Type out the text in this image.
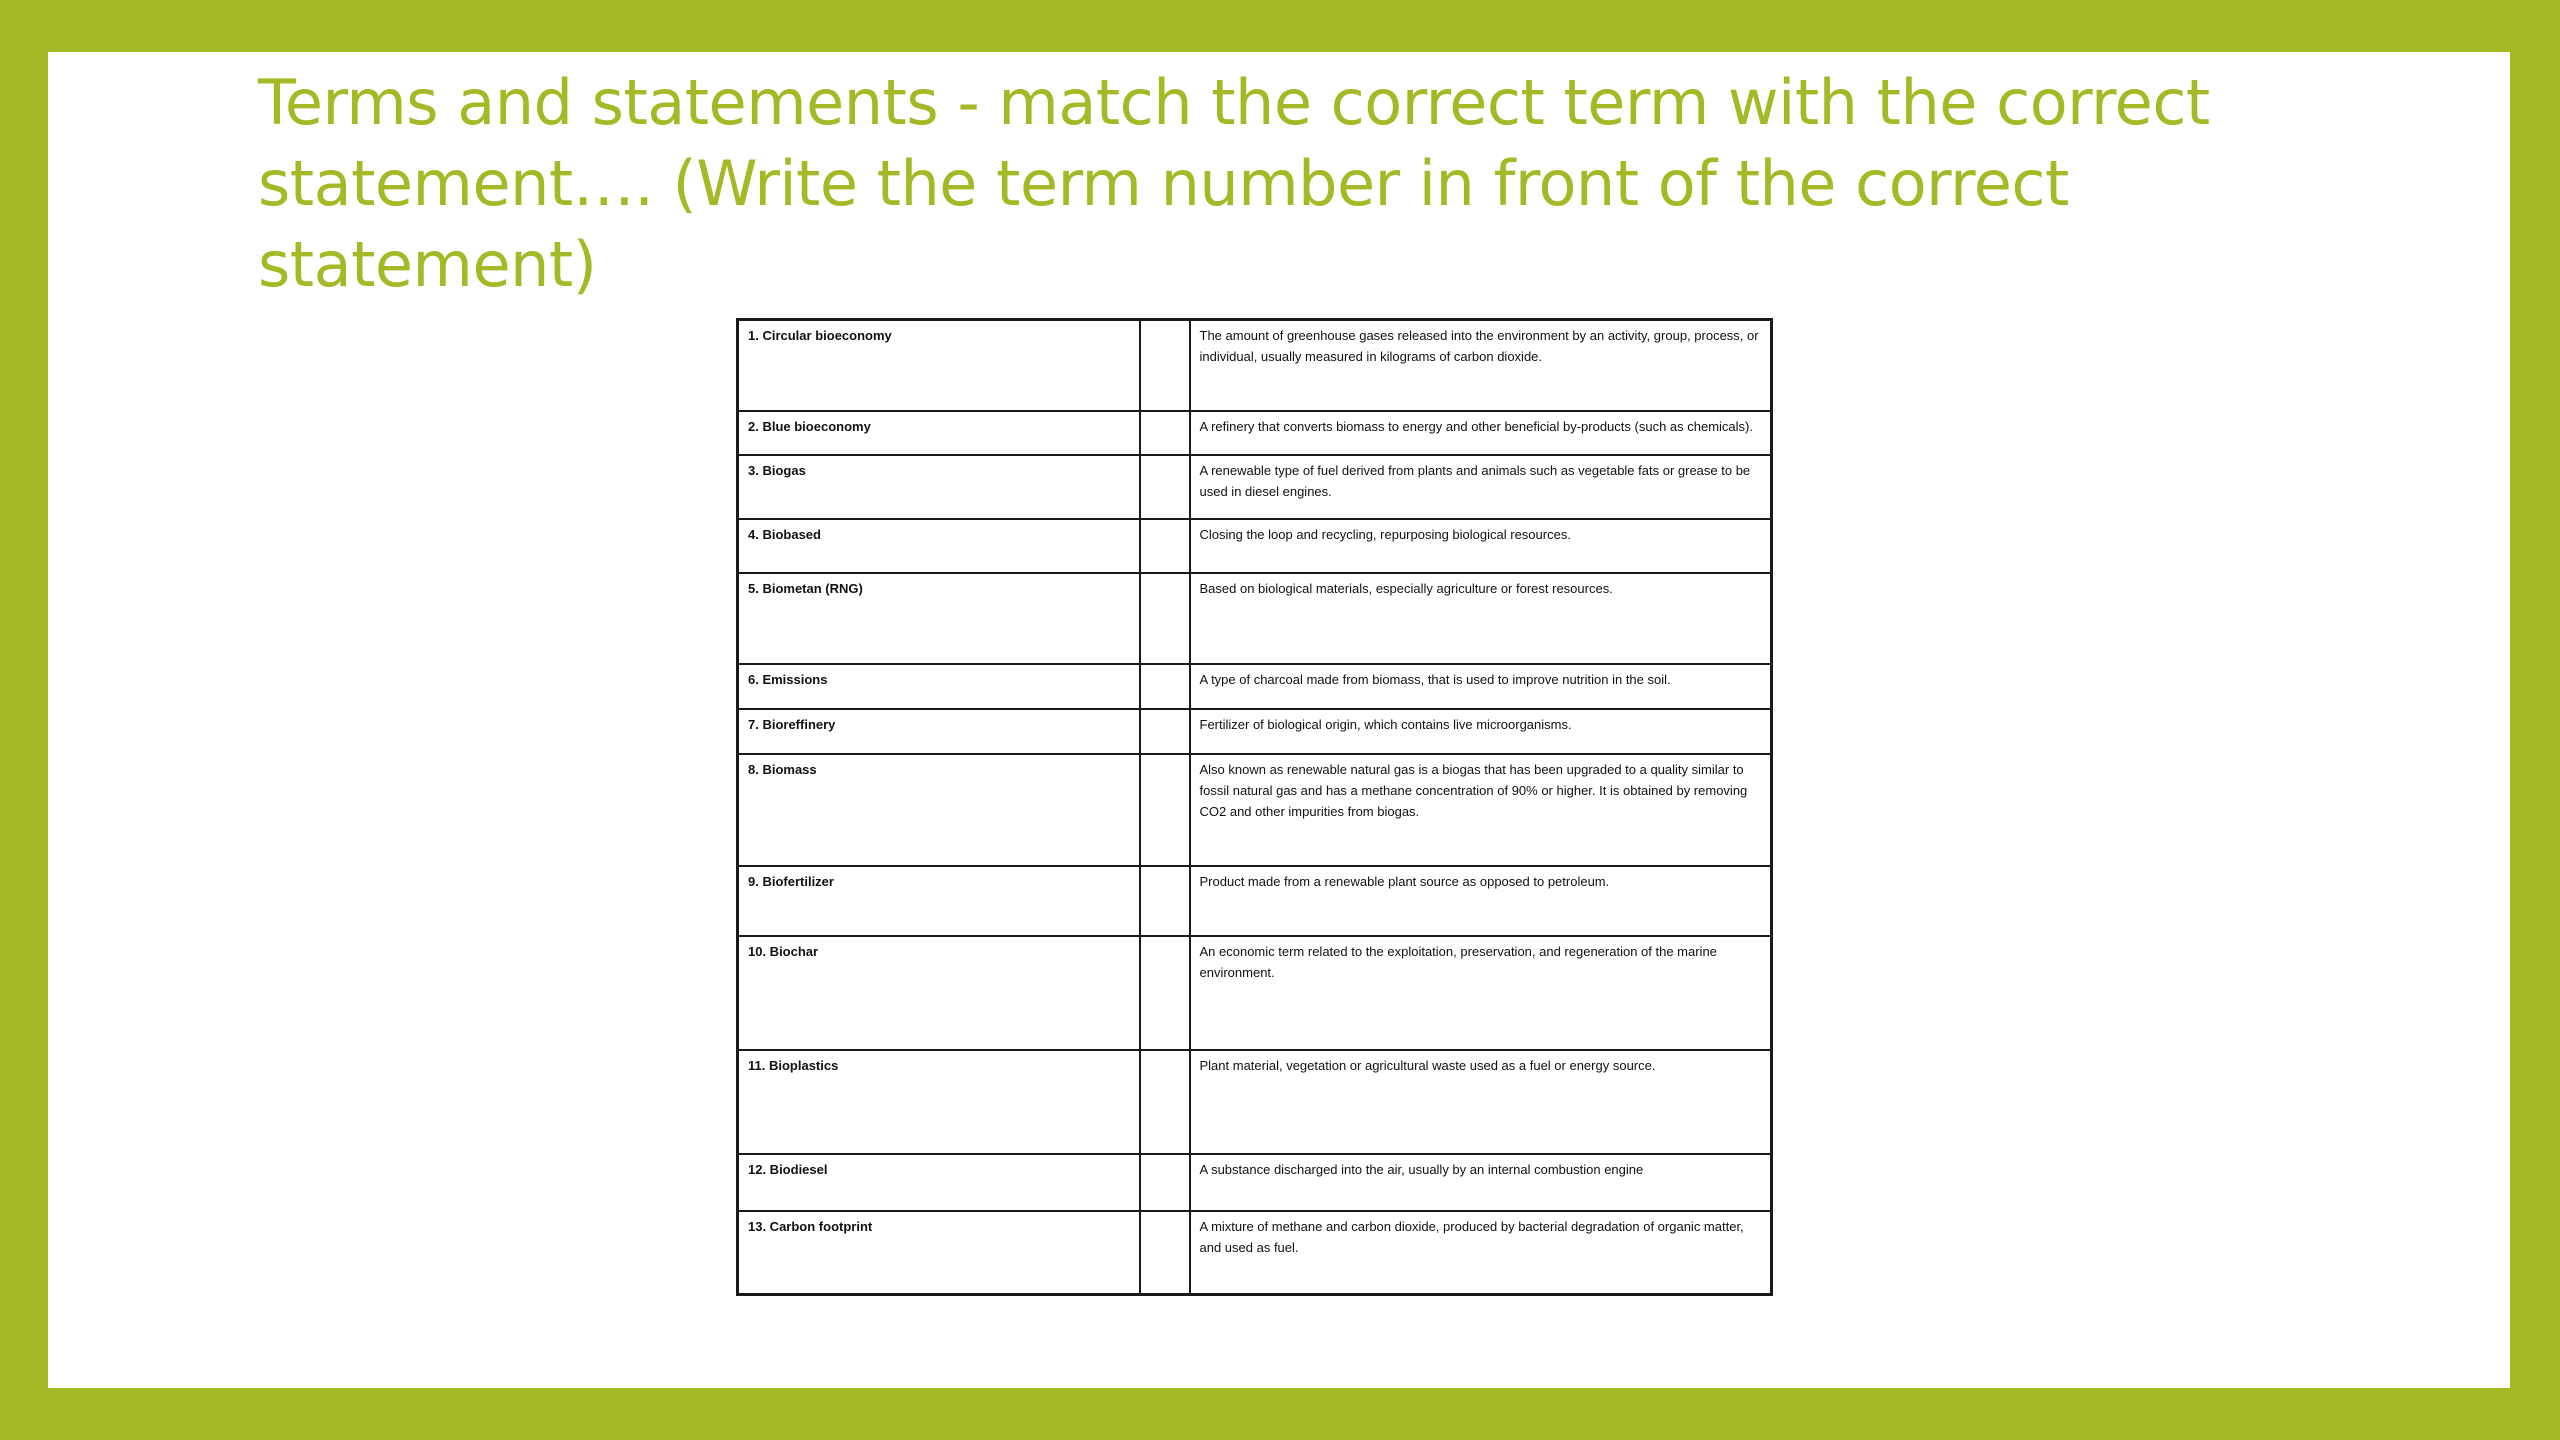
Terms and statements - match the correct term with the correct statement…. (Write the term number in front of the correct statement)
1. Circular bioeconomy		The amount of greenhouse gases released into the environment by an activity, group, process, or individual, usually measured in kilograms of carbon dioxide.
2. Blue bioeconomy		A refinery that converts biomass to energy and other beneficial by-products (such as chemicals).
3. Biogas		A renewable type of fuel derived from plants and animals such as vegetable fats or grease to be used in diesel engines.
4. Biobased		Closing the loop and recycling, repurposing biological resources.
5. Biometan (RNG)		Based on biological materials, especially agriculture or forest resources.
6. Emissions		A type of charcoal made from biomass, that is used to improve nutrition in the soil.
7. Bioreffinery		Fertilizer of biological origin, which contains live microorganisms.
8. Biomass		Also known as renewable natural gas is a biogas that has been upgraded to a quality similar to fossil natural gas and has a methane concentration of 90% or higher. It is obtained by removing CO2 and other impurities from biogas.
9. Biofertilizer		Product made from a renewable plant source as opposed to petroleum.
10. Biochar		An economic term related to the exploitation, preservation, and regeneration of the marine environment.
11. Bioplastics		Plant material, vegetation or agricultural waste used as a fuel or energy source.
12. Biodiesel		A substance discharged into the air, usually by an internal combustion engine
13. Carbon footprint		A mixture of methane and carbon dioxide, produced by bacterial degradation of organic matter, and used as fuel.
